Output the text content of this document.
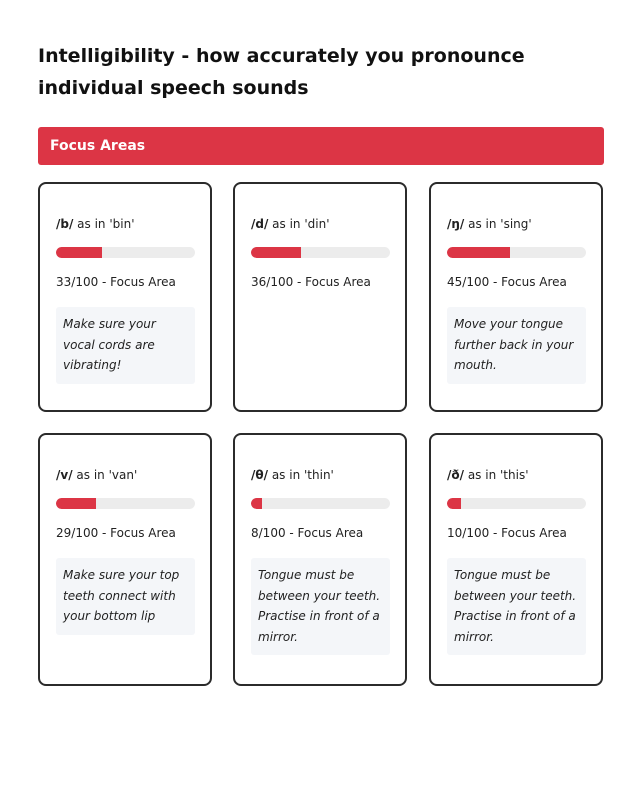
Intelligibility - how accurately you pronounce individual speech sounds
Focus Areas
/b/ as in 'bin'
33/100 - Focus Area
Make sure your vocal cords are vibrating!
/d/ as in 'din'
36/100 - Focus Area
/ŋ/ as in 'sing'
45/100 - Focus Area
Move your tongue further back in your mouth.
/v/ as in 'van'
29/100 - Focus Area
Make sure your top teeth connect with your bottom lip
/θ/ as in 'thin'
8/100 - Focus Area
Tongue must be between your teeth. Practise in front of a mirror.
/ð/ as in 'this'
10/100 - Focus Area
Tongue must be between your teeth. Practise in front of a mirror.
